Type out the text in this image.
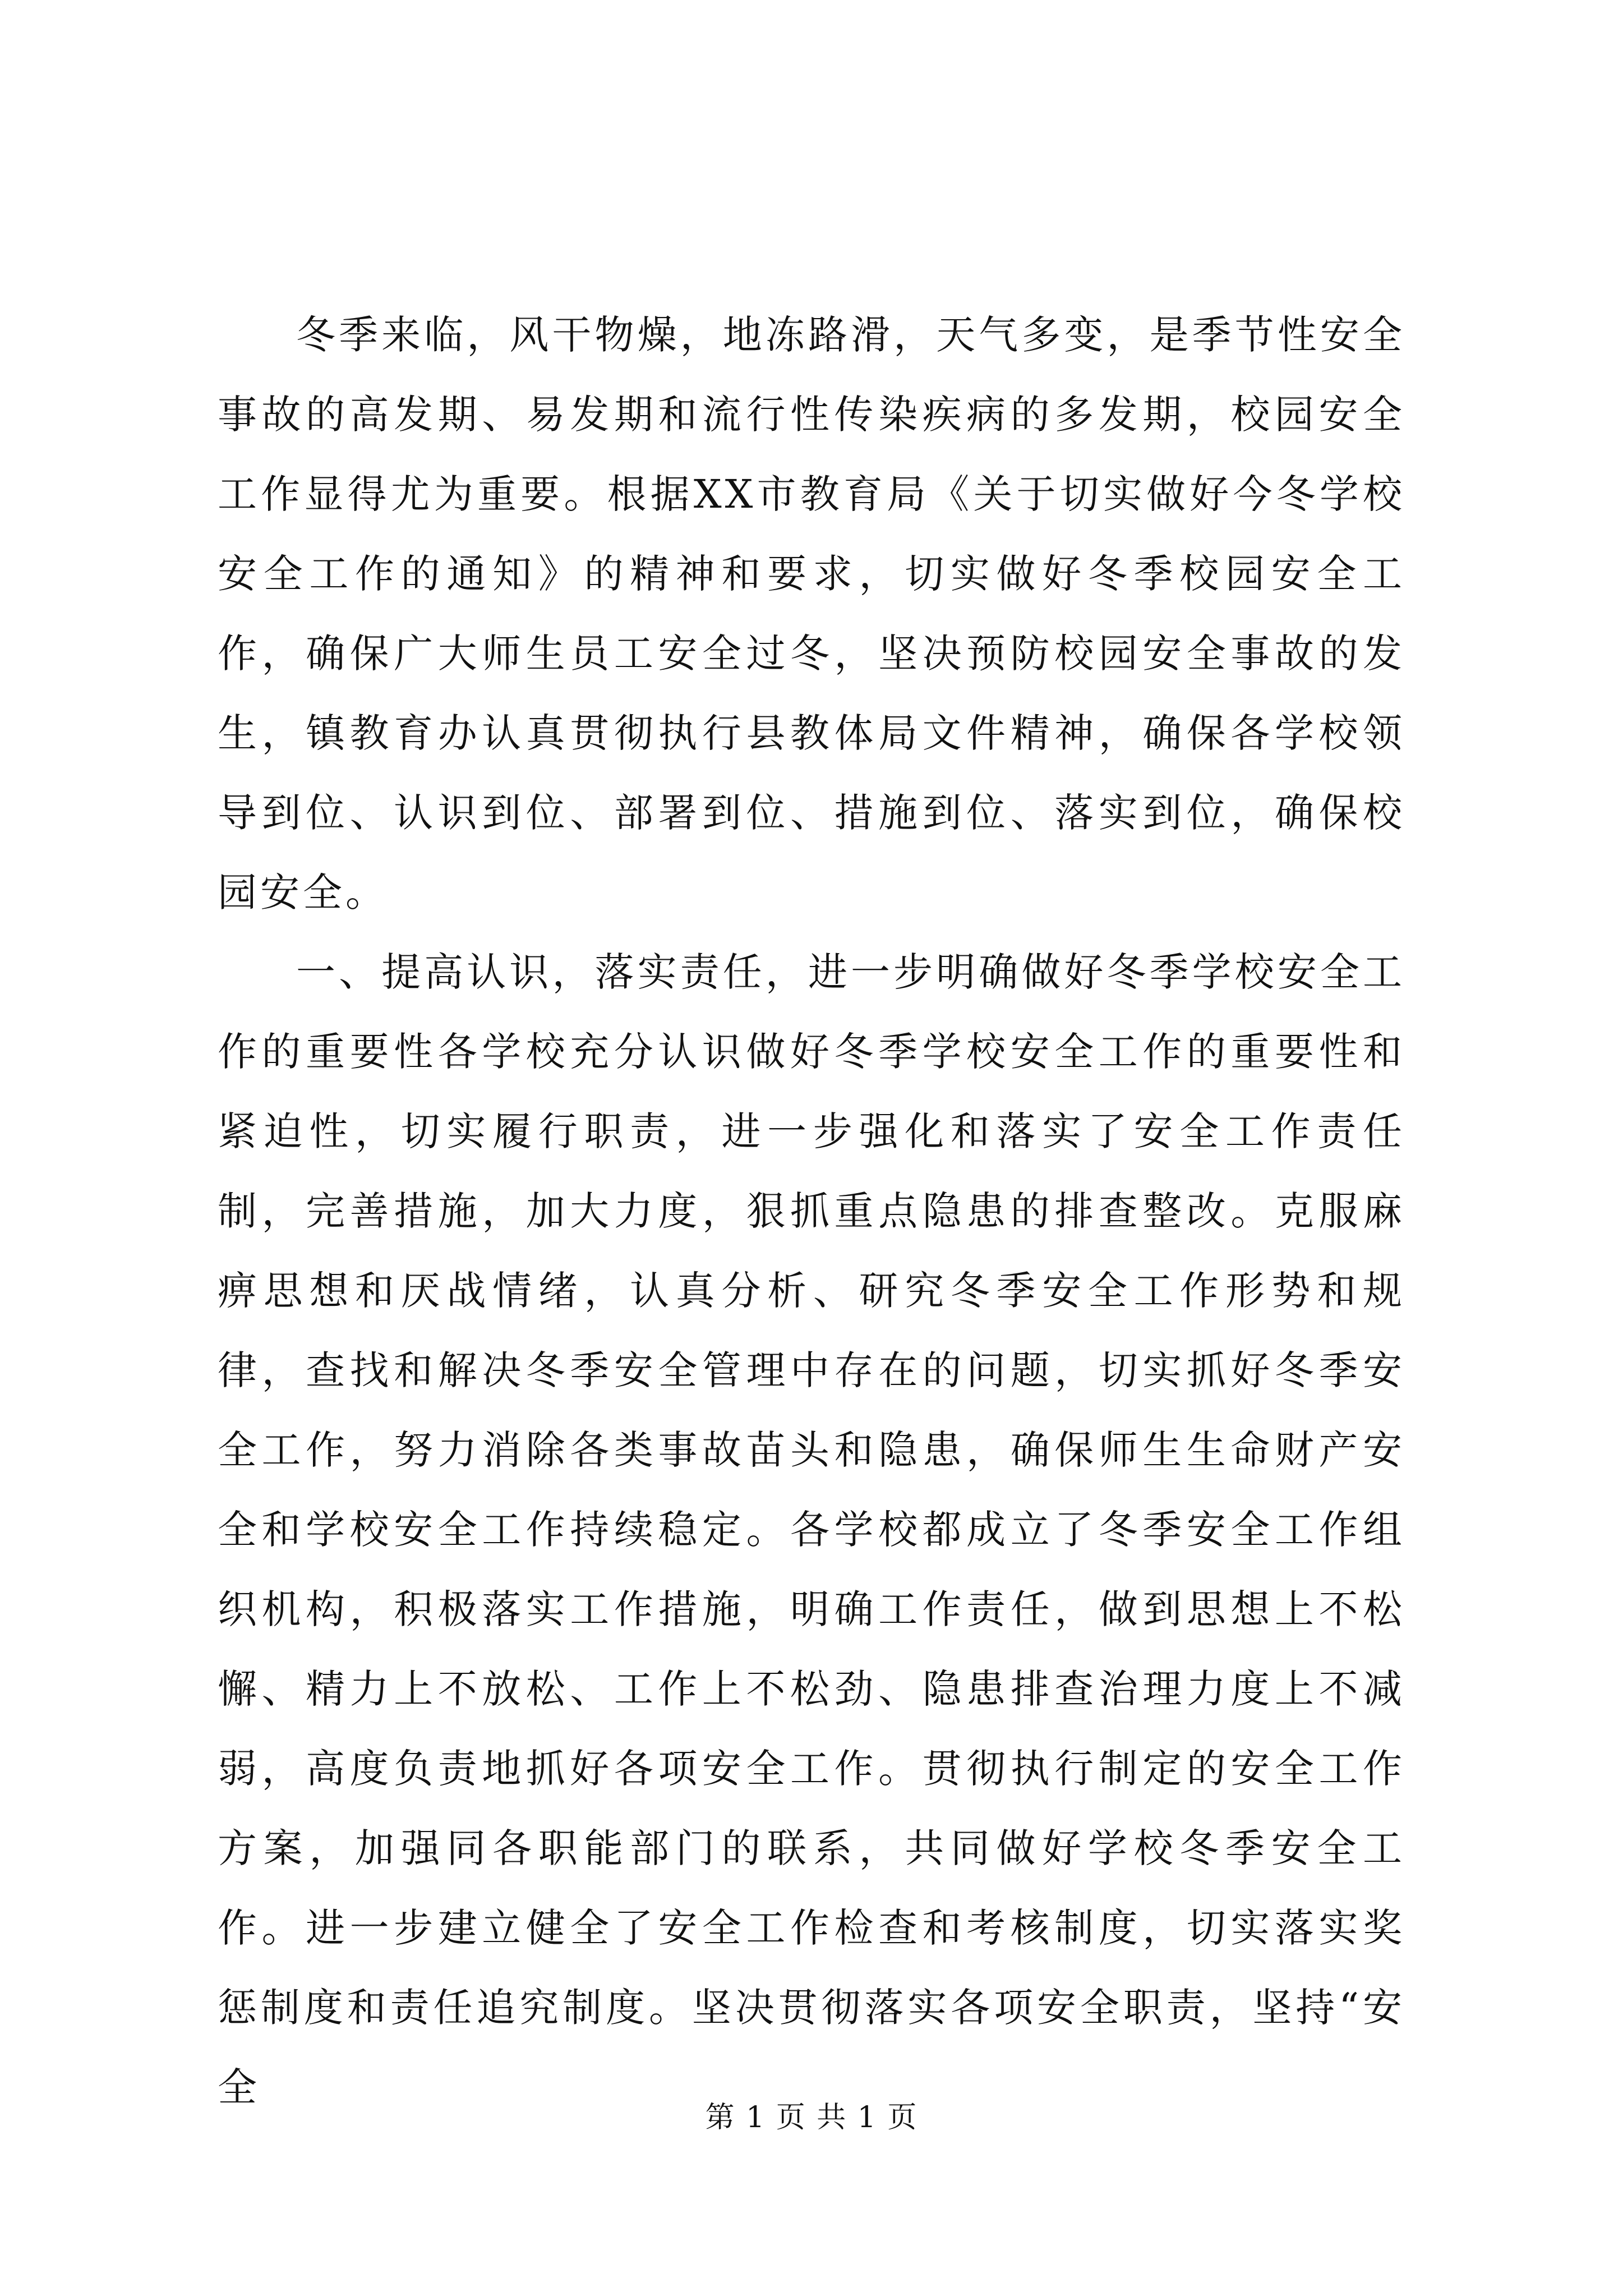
冬季来临，风干物燥，地冻路滑，天气多变，是季节性安全事故的高发期、易发期和流行性传染疾病的多发期，校园安全工作显得尤为重要。根据XX市教育局《关于切实做好今冬学校安全工作的通知》的精神和要求，切实做好冬季校园安全工作，确保广大师生员工安全过冬，坚决预防校园安全事故的发生，镇教育办认真贯彻执行县教体局文件精神，确保各学校领导到位、认识到位、部署到位、措施到位、落实到位，确保校园安全。

一、提高认识，落实责任，进一步明确做好冬季学校安全工作的重要性各学校充分认识做好冬季学校安全工作的重要性和紧迫性，切实履行职责，进一步强化和落实了安全工作责任制，完善措施，加大力度，狠抓重点隐患的排查整改。克服麻痹思想和厌战情绪，认真分析、研究冬季安全工作形势和规律，查找和解决冬季安全管理中存在的问题，切实抓好冬季安全工作，努力消除各类事故苗头和隐患，确保师生生命财产安全和学校安全工作持续稳定。各学校都成立了冬季安全工作组织机构，积极落实工作措施，明确工作责任，做到思想上不松懈、精力上不放松、工作上不松劲、隐患排查治理力度上不减弱，高度负责地抓好各项安全工作。贯彻执行制定的安全工作方案，加强同各职能部门的联系，共同做好学校冬季安全工作。进一步建立健全了安全工作检查和考核制度，切实落实奖惩制度和责任追究制度。坚决贯彻落实各项安全职责，坚持“安全

第 1 页 共 1 页
